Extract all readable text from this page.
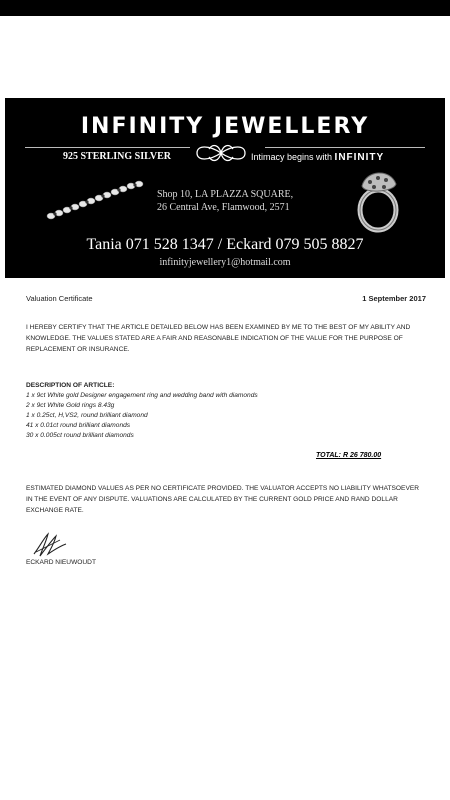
INFINITY JEWELLERY
925 STERLING SILVER	Intimacy begins with INFINITY
Shop 10, LA PLAZZA SQUARE,
26 Central Ave, Flamwood, 2571
Tania 071 528 1347 / Eckard 079 505 8827
infinityjewellery1@hotmail.com
Valuation Certificate	1 September 2017

I HEREBY CERTIFY THAT THE ARTICLE DETAILED BELOW HAS BEEN EXAMINED BY ME TO THE BEST OF MY ABILITY AND KNOWLEDGE. THE VALUES STATED ARE A FAIR AND REASONABLE INDICATION OF THE VALUE FOR THE PURPOSE OF REPLACEMENT OR INSURANCE.

DESCRIPTION OF ARTICLE:
1 x 9ct White gold Designer engagement ring and wedding band with diamonds
2 x 9ct White Gold rings 8.43g
1 x 0.25ct, H,VS2, round brilliant diamond
41 x 0.01ct round brilliant diamonds
30 x 0.005ct round brilliant diamonds
TOTAL: R 26 780.00

ESTIMATED DIAMOND VALUES AS PER NO CERTIFICATE PROVIDED. THE VALUATOR ACCEPTS NO LIABILITY WHATSOEVER IN THE EVENT OF ANY DISPUTE. VALUATIONS ARE CALCULATED BY THE CURRENT GOLD PRICE AND RAND DOLLAR EXCHANGE RATE.

ECKARD NIEUWOUDT
